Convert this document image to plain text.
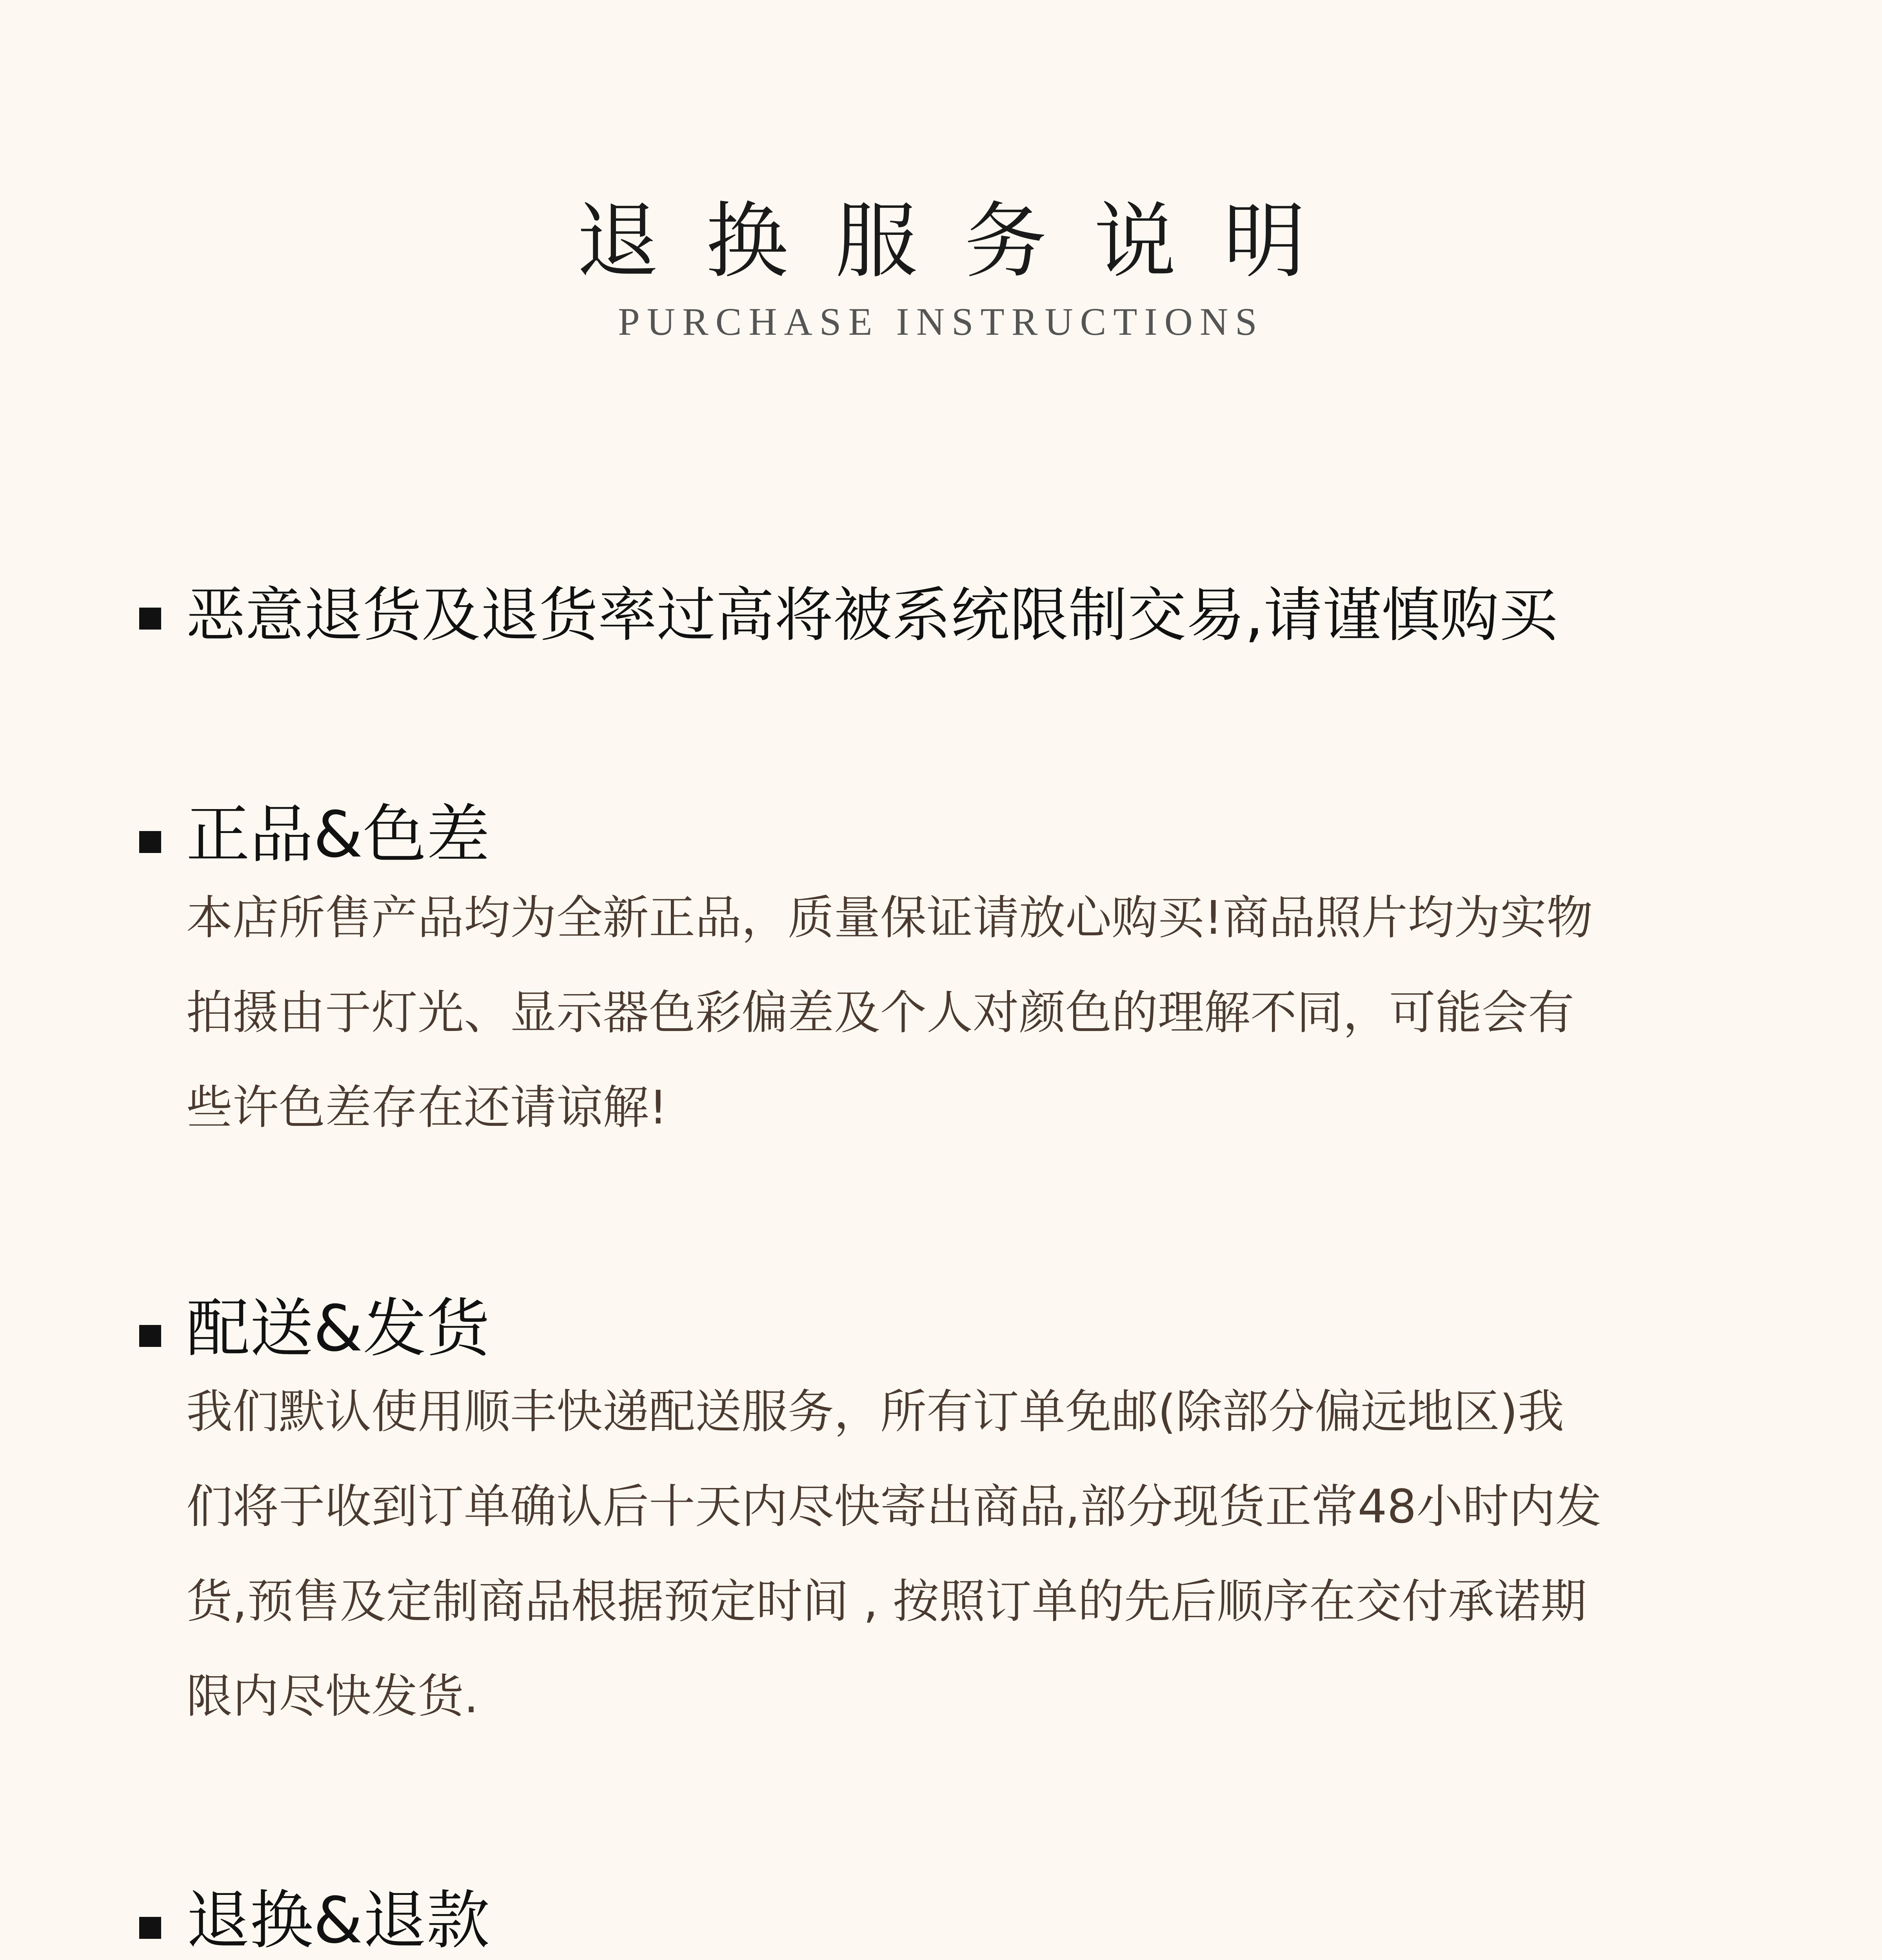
退换服务说明
PURCHASE INSTRUCTIONS
恶意退货及退货率过高将被系统限制交易,请谨慎购买
正品&色差
本店所售产品均为全新正品，质量保证请放心购买!商品照片均为实物
拍摄由于灯光、显示器色彩偏差及个人对颜色的理解不同，可能会有
些许色差存在还请谅解!
配送&发货
我们默认使用顺丰快递配送服务，所有订单免邮(除部分偏远地区)我
们将于收到订单确认后十天内尽快寄出商品,部分现货正常48小时内发
货,预售及定制商品根据预定时间 , 按照订单的先后顺序在交付承诺期
限内尽快发货.
退换&退款
